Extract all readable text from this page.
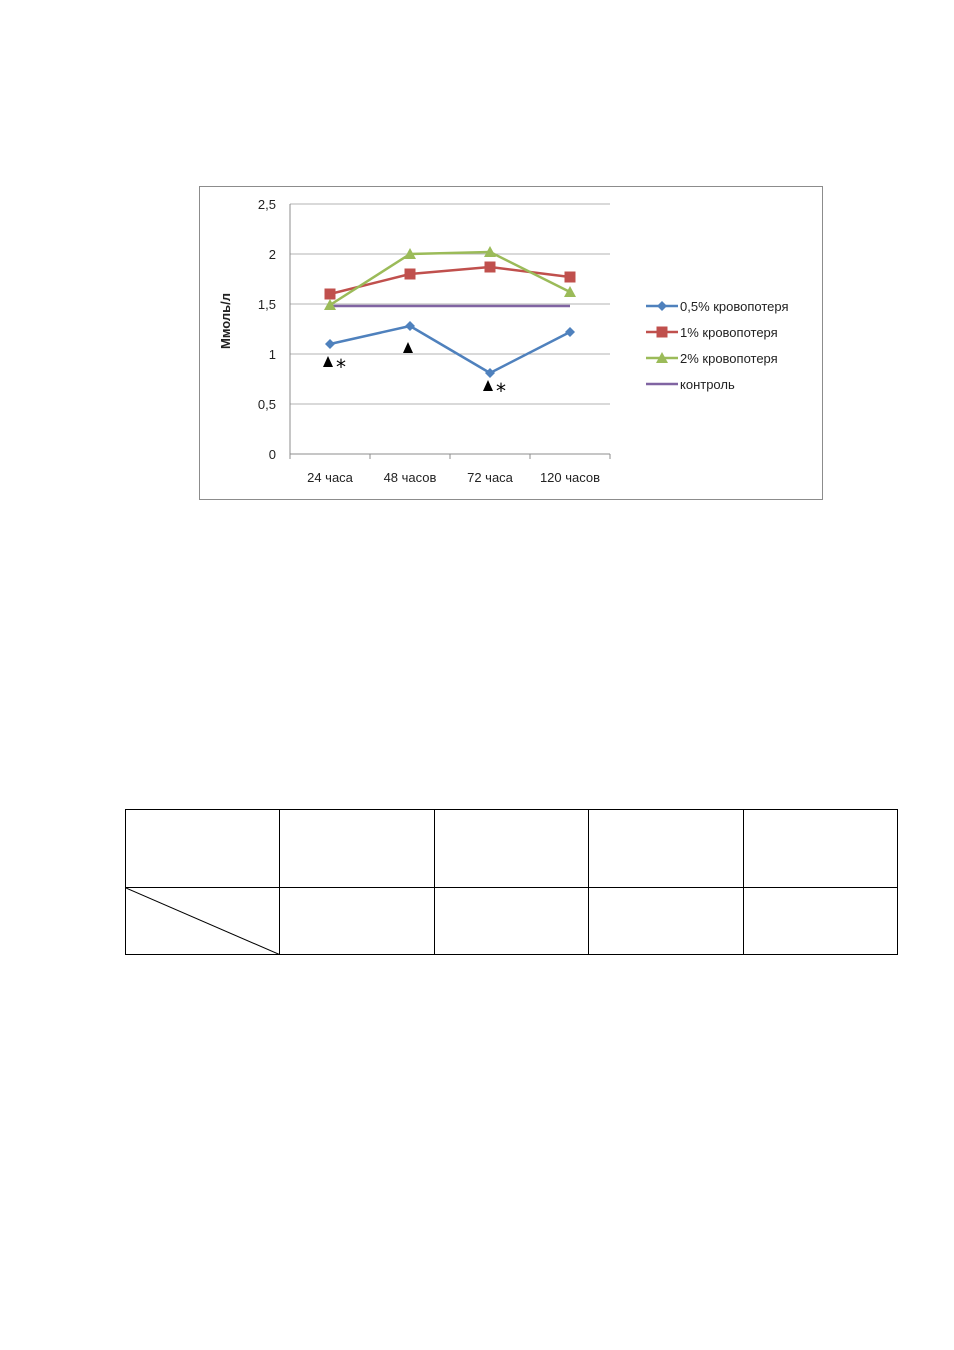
0
0,5
1
1,5
2
2,5
24 часа 48 часов 72 часа 120 часов
Ммоль/л
*
*
0,5% кровопотеря
1% кровопотеря
2% кровопотеря
контроль
